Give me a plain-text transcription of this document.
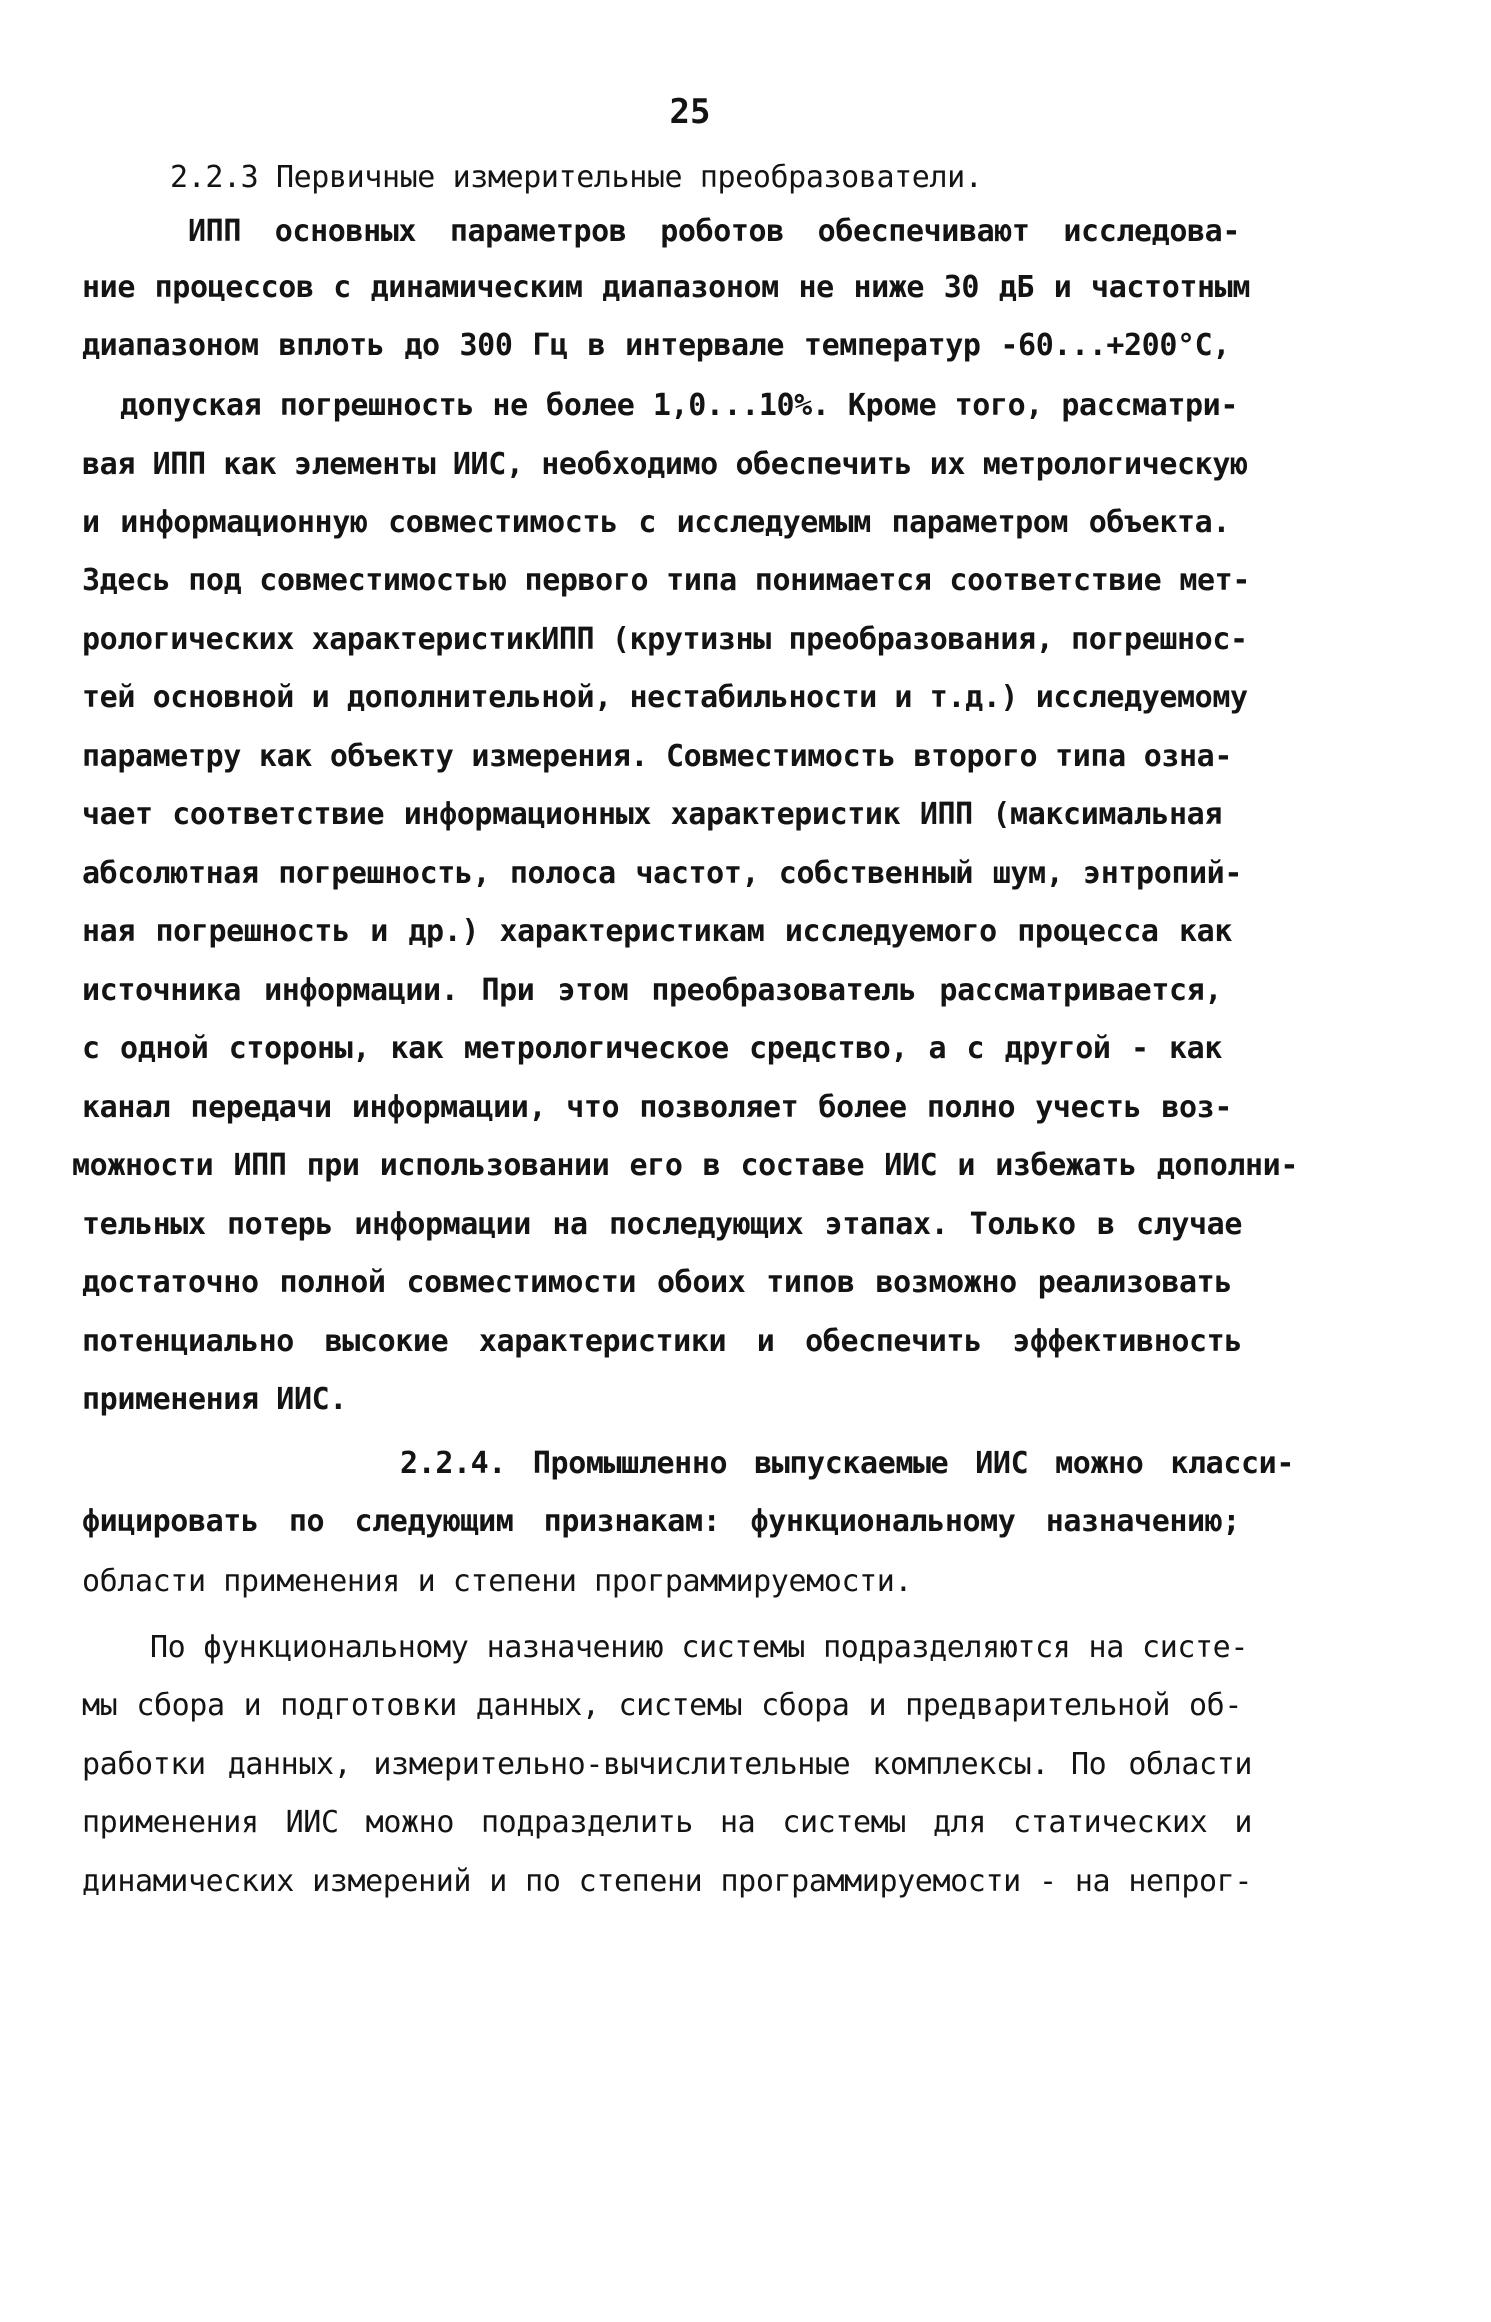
25
2.2.3 Первичные измерительные преобразователи.
ИПП основных параметров роботов обеспечивают исследова-
ние процессов с динамическим диапазоном не ниже 30 дБ и частотным
диапазоном вплоть до 300 Гц в интервале температур -60...+200°С,
допуская погрешность не более 1,0...10%. Кроме того, рассматри-
вая ИПП как элементы ИИС, необходимо обеспечить их метрологическую
и информационную совместимость с исследуемым параметром объекта.
Здесь под совместимостью первого типа понимается соответствие мет-
рологических характеристикИПП (крутизны преобразования, погрешнос-
тей основной и дополнительной, нестабильности и т.д.) исследуемому
параметру как объекту измерения. Совместимость второго типа озна-
чает соответствие информационных характеристик ИПП (максимальная
абсолютная погрешность, полоса частот, собственный шум, энтропий-
ная погрешность и др.) характеристикам исследуемого процесса как
источника информации. При этом преобразователь рассматривается,
с одной стороны, как метрологическое средство, а с другой - как
канал передачи информации, что позволяет более полно учесть воз-
можности ИПП при использовании его в составе ИИС и избежать дополни-
тельных потерь информации на последующих этапах. Только в случае
достаточно полной совместимости обоих типов возможно реализовать
потенциально высокие характеристики и обеспечить эффективность
применения ИИС.
2.2.4. Промышленно выпускаемые ИИС можно класси-
фицировать по следующим признакам: функциональному назначению;
области применения и степени программируемости.
По функциональному назначению системы подразделяются на систе-
мы сбора и подготовки данных, системы сбора и предварительной об-
работки данных, измерительно-вычислительные комплексы. По области
применения ИИС можно подразделить на системы для статических и
динамических измерений и по степени программируемости - на непрог-
